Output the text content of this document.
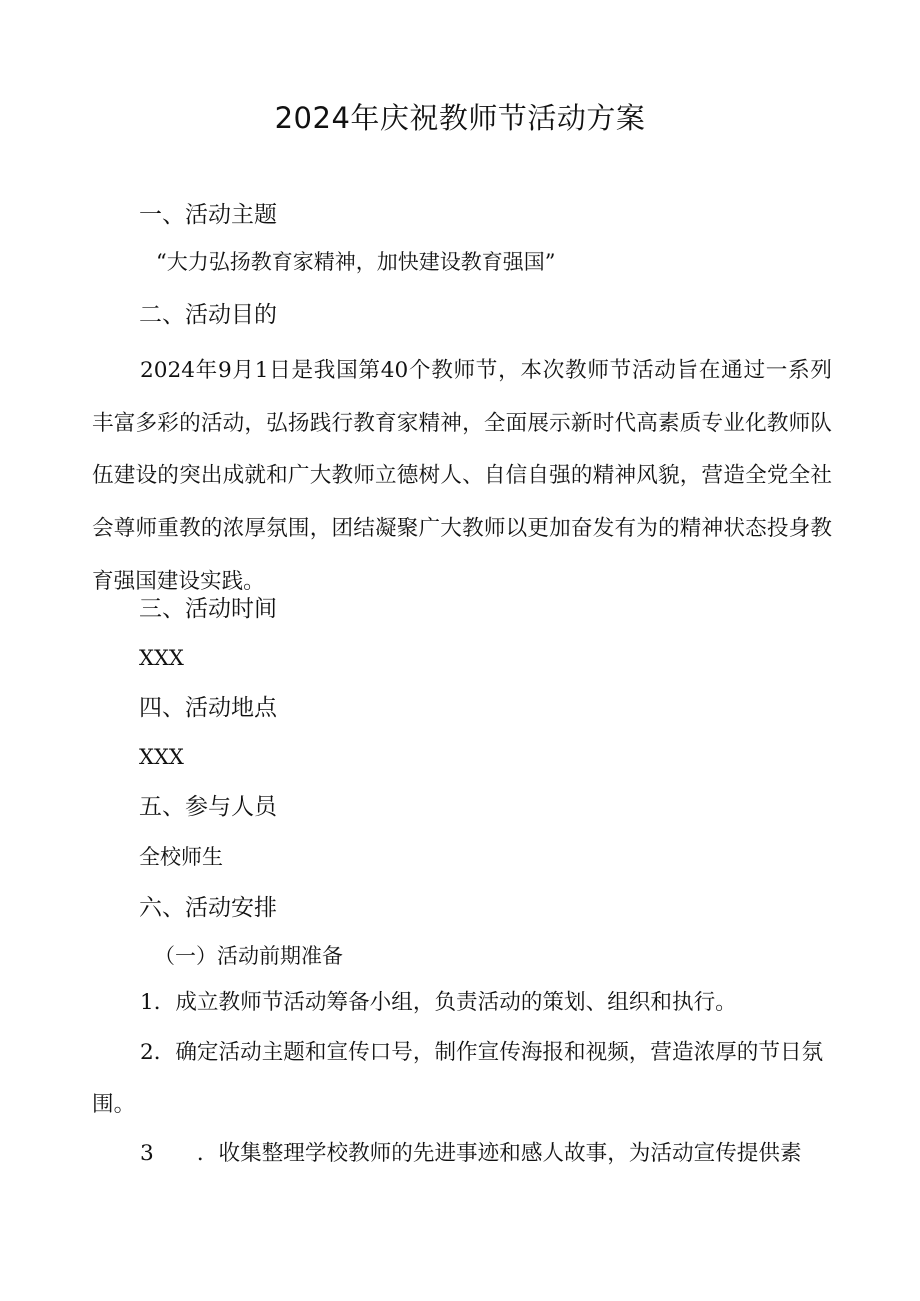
2024年庆祝教师节活动方案
一、活动主题
“大力弘扬教育家精神，加快建设教育强国”
二、活动目的
2024年9月1日是我国第40个教师节，本次教师节活动旨在通过一系列丰富多彩的活动，弘扬践行教育家精神，全面展示新时代高素质专业化教师队伍建设的突出成就和广大教师立德树人、自信自强的精神风貌，营造全党全社会尊师重教的浓厚氛围，团结凝聚广大教师以更加奋发有为的精神状态投身教育强国建设实践。
三、活动时间
XXX
四、活动地点
XXX
五、参与人员
全校师生
六、活动安排
（一）活动前期准备
1．成立教师节活动筹备小组，负责活动的策划、组织和执行。
2．确定活动主题和宣传口号，制作宣传海报和视频，营造浓厚的节日氛围。
3　　．收集整理学校教师的先进事迹和感人故事，为活动宣传提供素
